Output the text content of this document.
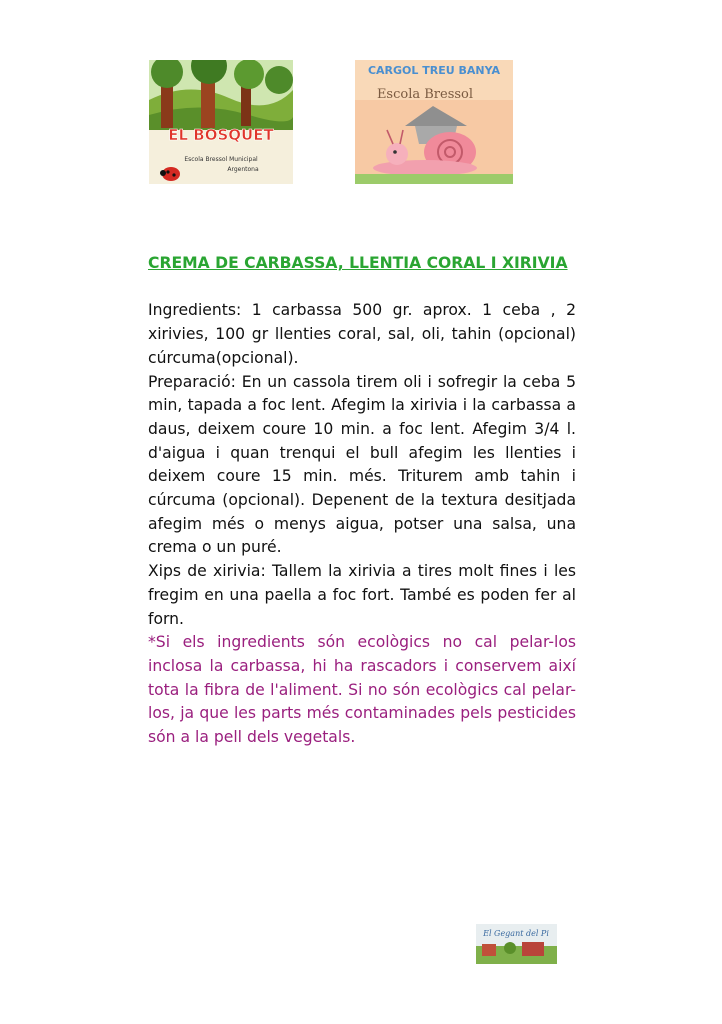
EL BOSQUET
Escola Bressol Municipal
Argentona
CARGOL TREU BANYA
Escola Bressol

CREMA DE CARBASSA, LLENTIA CORAL I XIRIVIA

Ingredients: 1 carbassa 500 gr. aprox. 1 ceba , 2 xirivies, 100 gr llenties coral, sal, oli, tahin (opcional) cúrcuma(opcional).

Preparació: En un cassola tirem oli i sofregir la ceba 5 min, tapada a foc lent. Afegim la xirivia i la carbassa a daus, deixem coure 10 min. a foc lent. Afegim 3/4 l. d'aigua i quan trenqui el bull afegim les llenties i deixem coure 15 min. més. Triturem amb tahin i cúrcuma (opcional). Depenent de la textura desitjada afegim més o menys aigua, potser una salsa, una crema o un puré.

Xips de xirivia: Tallem la xirivia a tires molt fines i les fregim en una paella a foc fort. També es poden fer al forn.

*Si els ingredients són ecològics no cal pelar-los inclosa la carbassa, hi ha rascadors i conservem així tota la fibra de l'aliment. Si no són ecològics cal pelar-los, ja que les parts més contaminades pels pesticides són a la pell dels vegetals.

El Gegant del Pi
